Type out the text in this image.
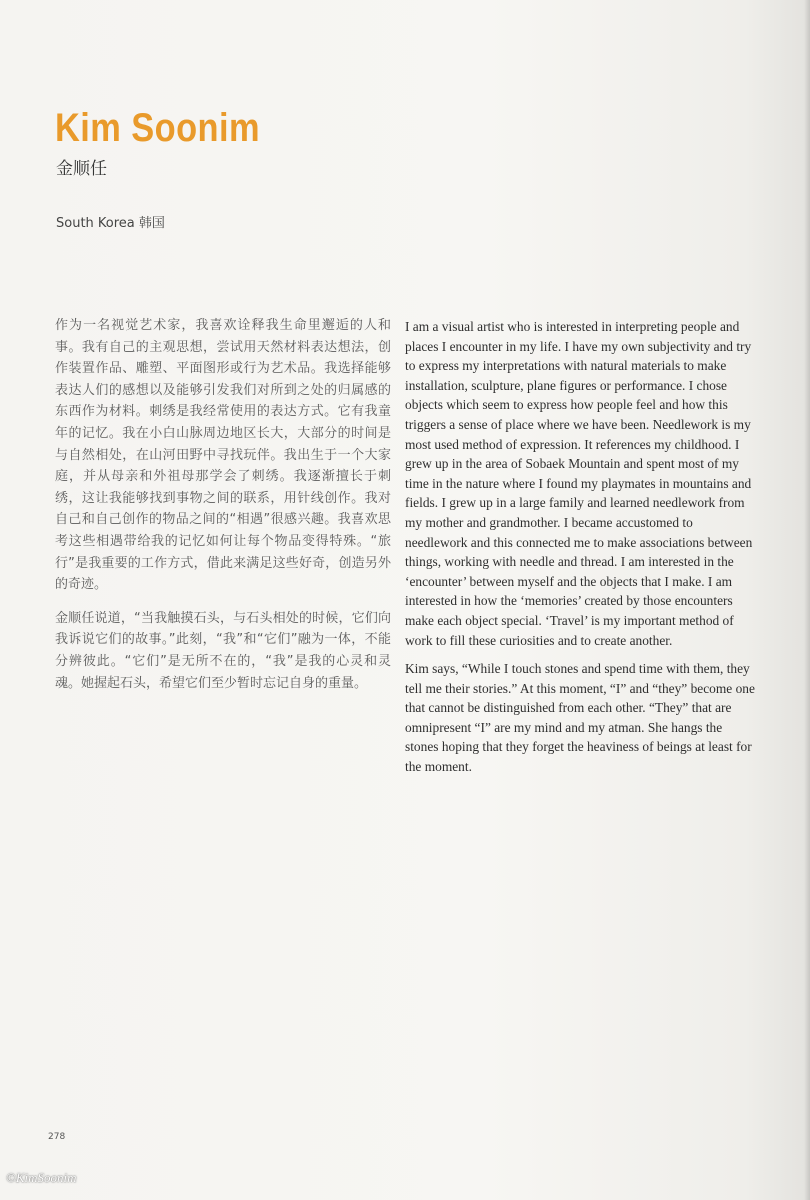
Kim Soonim
金顺任
South Korea 韩国

作为一名视觉艺术家，我喜欢诠释我生命里邂逅的人和事。我有自己的主观思想，尝试用天然材料表达想法，创作装置作品、雕塑、平面图形或行为艺术品。我选择能够表达人们的感想以及能够引发我们对所到之处的归属感的东西作为材料。刺绣是我经常使用的表达方式。它有我童年的记忆。我在小白山脉周边地区长大，大部分的时间是与自然相处，在山河田野中寻找玩伴。我出生于一个大家庭，并从母亲和外祖母那学会了刺绣。我逐渐擅长于刺绣，这让我能够找到事物之间的联系，用针线创作。我对自己和自己创作的物品之间的“相遇”很感兴趣。我喜欢思考这些相遇带给我的记忆如何让每个物品变得特殊。“旅行”是我重要的工作方式，借此来满足这些好奇，创造另外的奇迹。

金顺任说道，“当我触摸石头，与石头相处的时候，它们向我诉说它们的故事。”此刻，“我”和“它们”融为一体，不能分辨彼此。“它们”是无所不在的，“我”是我的心灵和灵魂。她握起石头，希望它们至少暂时忘记自身的重量。

I am a visual artist who is interested in interpreting people and places I encounter in my life. I have my own subjectivity and try to express my interpretations with natural materials to make installation, sculpture, plane figures or performance. I chose objects which seem to express how people feel and how this triggers a sense of place where we have been. Needlework is my most used method of expression. It references my childhood. I grew up in the area of Sobaek Mountain and spent most of my time in the nature where I found my playmates in mountains and fields. I grew up in a large family and learned needlework from my mother and grandmother. I became accustomed to needlework and this connected me to make associations between things, working with needle and thread. I am interested in the ‘encounter’ between myself and the objects that I make. I am interested in how the ‘memories’ created by those encounters make each object special. ‘Travel’ is my important method of work to fill these curiosities and to create another.

Kim says, “While I touch stones and spend time with them, they tell me their stories.” At this moment, “I” and “they” become one that cannot be distinguished from each other. “They” that are omnipresent “I” are my mind and my atman. She hangs the stones hoping that they forget the heaviness of beings at least for the moment.

278
©KimSoonim
